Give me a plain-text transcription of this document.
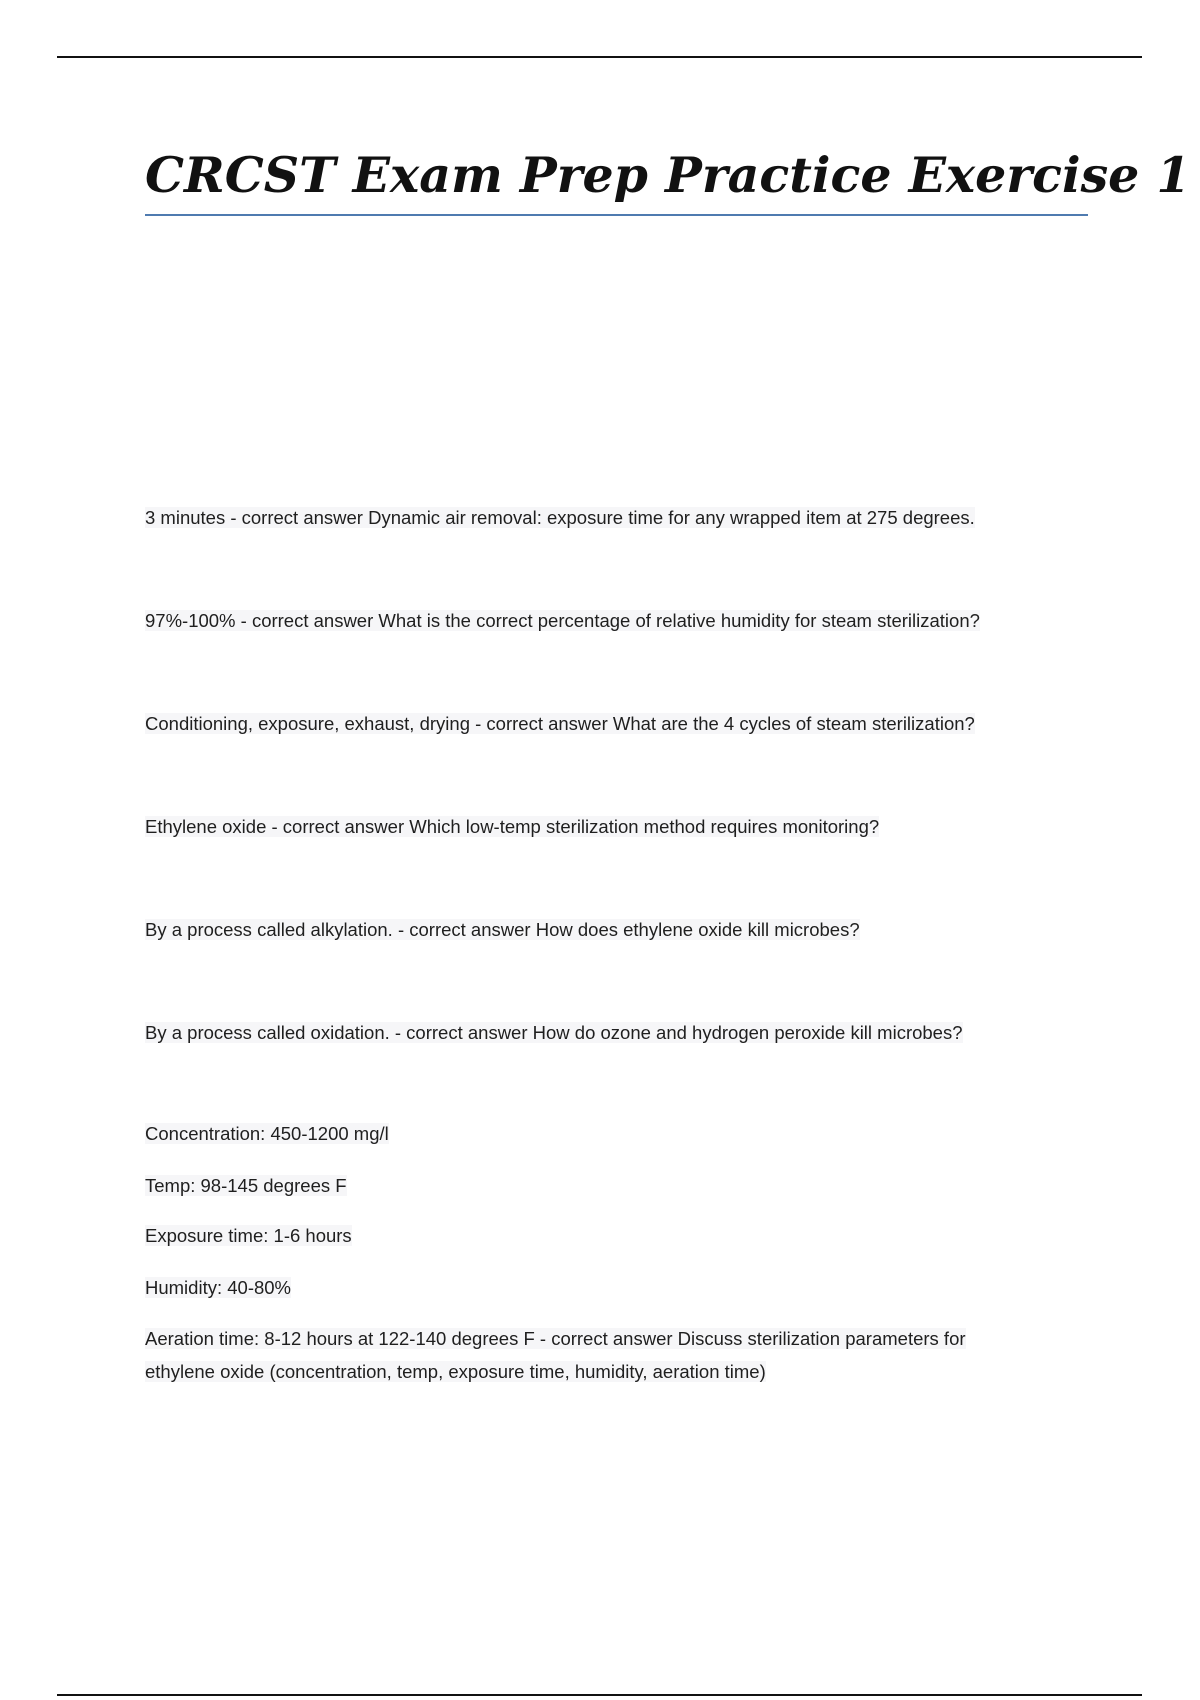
CRCST Exam Prep Practice Exercise 1

3 minutes - correct answer Dynamic air removal: exposure time for any wrapped item at 275 degrees.

97%-100% - correct answer What is the correct percentage of relative humidity for steam sterilization?

Conditioning, exposure, exhaust, drying - correct answer What are the 4 cycles of steam sterilization?

Ethylene oxide - correct answer Which low-temp sterilization method requires monitoring?

By a process called alkylation. - correct answer How does ethylene oxide kill microbes?

By a process called oxidation. - correct answer How do ozone and hydrogen peroxide kill microbes?

Concentration: 450-1200 mg/l

Temp: 98-145 degrees F

Exposure time: 1-6 hours

Humidity: 40-80%

Aeration time: 8-12 hours at 122-140 degrees F - correct answer Discuss sterilization parameters for
ethylene oxide (concentration, temp, exposure time, humidity, aeration time)
